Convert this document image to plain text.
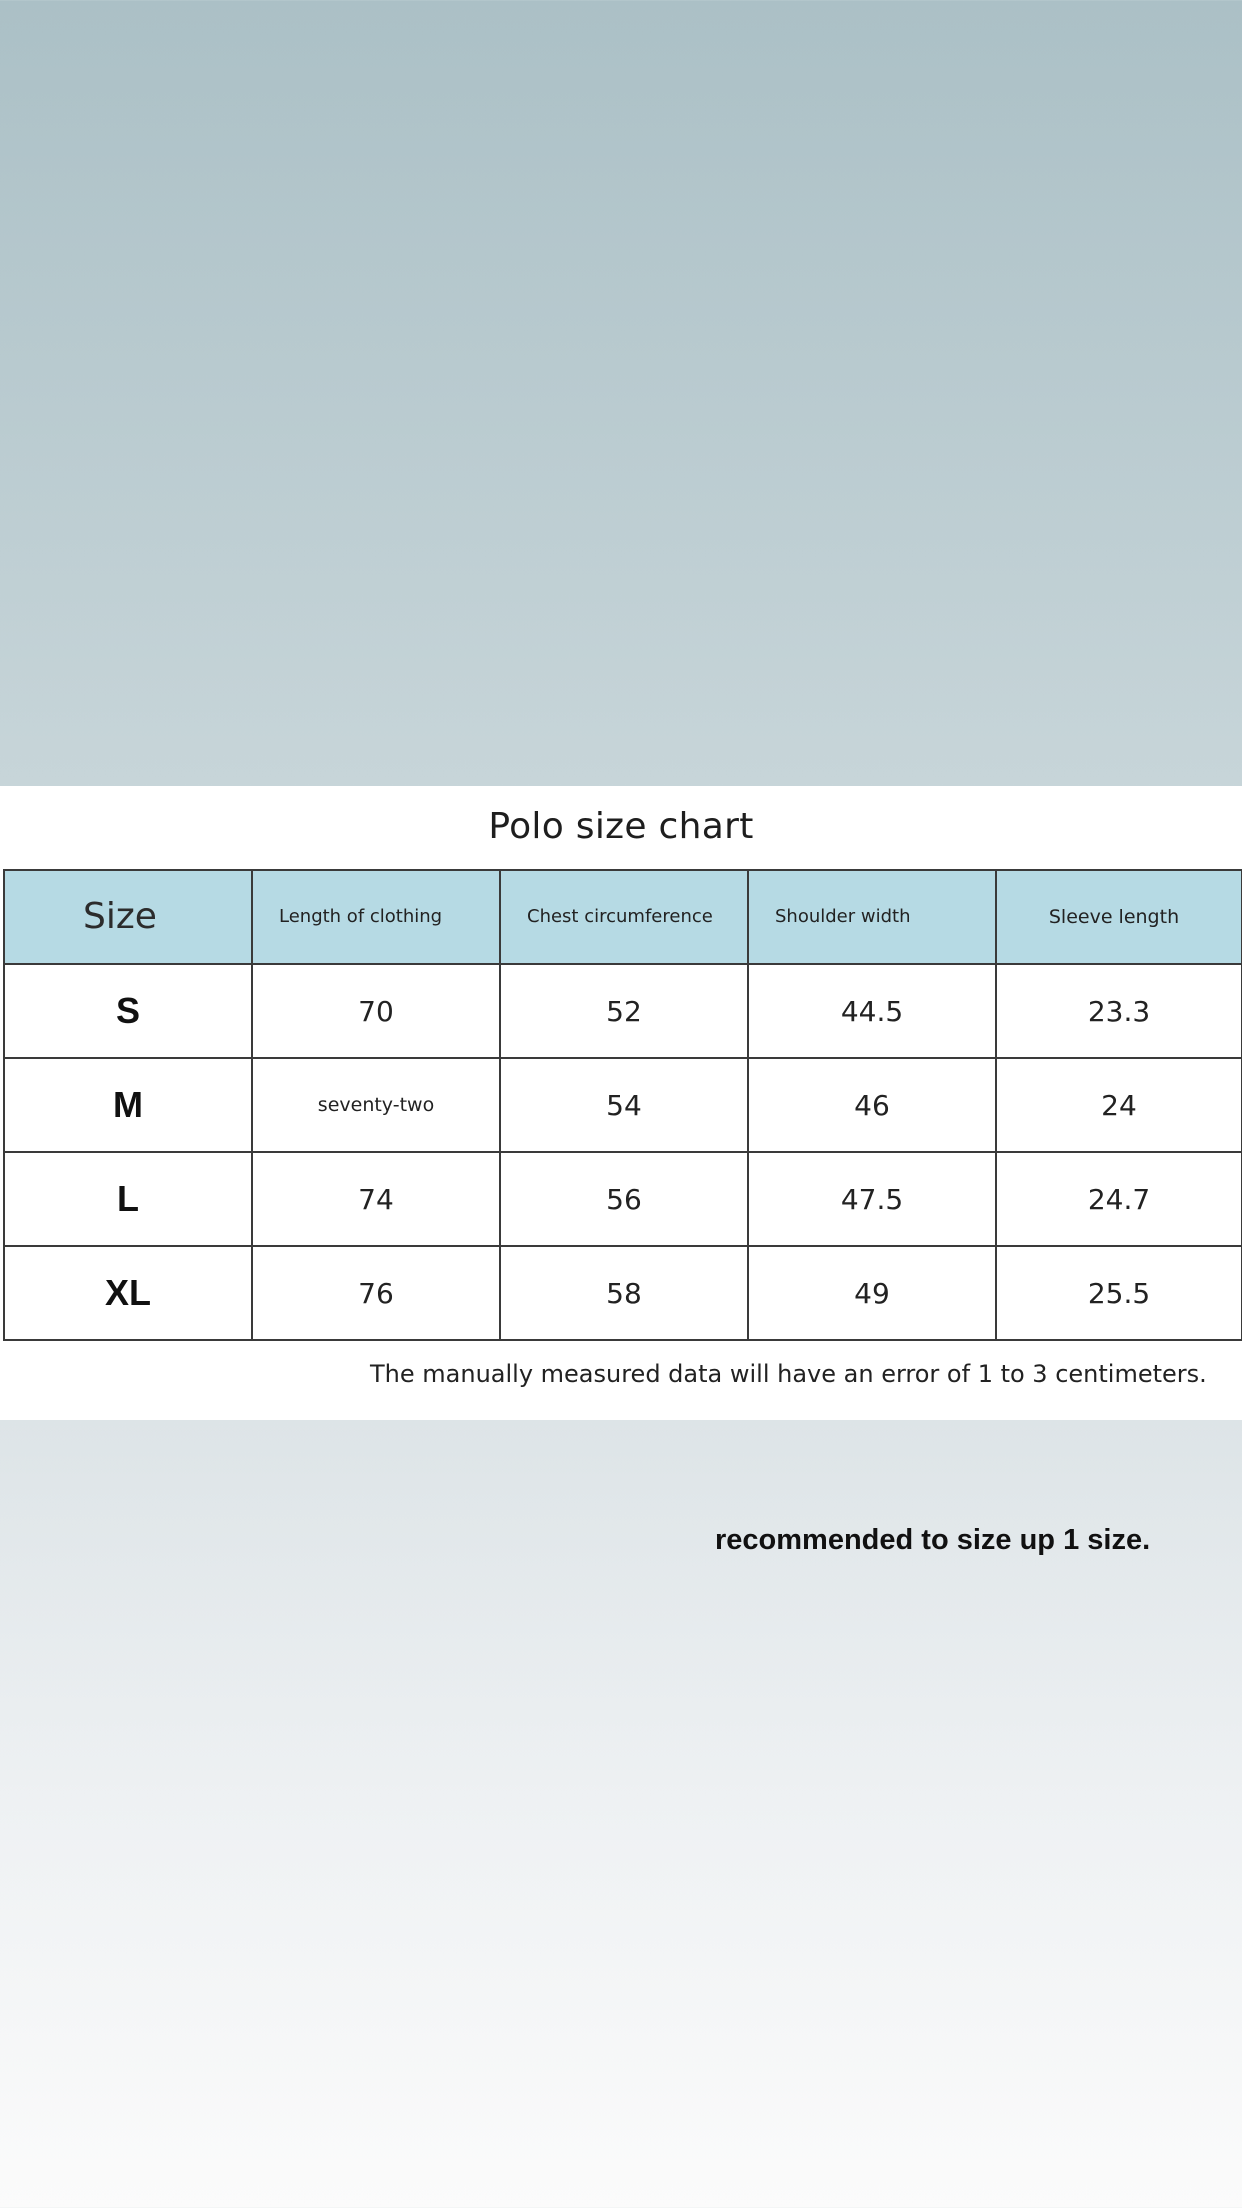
Polo size chart
Size	Length of clothing	Chest circumference	Shoulder width	Sleeve length
S	70	52	44.5	23.3
M	seventy-two	54	46	24
L	74	56	47.5	24.7
XL	76	58	49	25.5
The manually measured data will have an error of 1 to 3 centimeters.
recommended to size up 1 size.
